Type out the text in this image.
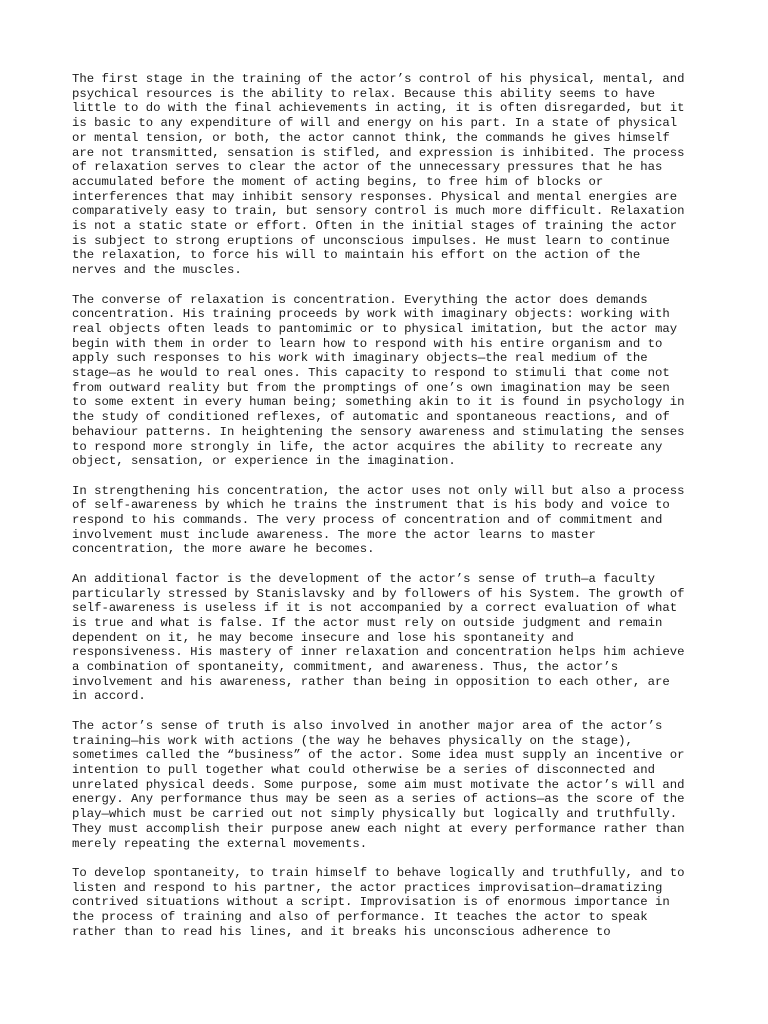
The first stage in the training of the actor’s control of his physical, mental, and
psychical resources is the ability to relax. Because this ability seems to have
little to do with the final achievements in acting, it is often disregarded, but it
is basic to any expenditure of will and energy on his part. In a state of physical
or mental tension, or both, the actor cannot think, the commands he gives himself
are not transmitted, sensation is stifled, and expression is inhibited. The process
of relaxation serves to clear the actor of the unnecessary pressures that he has
accumulated before the moment of acting begins, to free him of blocks or
interferences that may inhibit sensory responses. Physical and mental energies are
comparatively easy to train, but sensory control is much more difficult. Relaxation
is not a static state or effort. Often in the initial stages of training the actor
is subject to strong eruptions of unconscious impulses. He must learn to continue
the relaxation, to force his will to maintain his effort on the action of the
nerves and the muscles.

The converse of relaxation is concentration. Everything the actor does demands
concentration. His training proceeds by work with imaginary objects: working with
real objects often leads to pantomimic or to physical imitation, but the actor may
begin with them in order to learn how to respond with his entire organism and to
apply such responses to his work with imaginary objects—the real medium of the
stage—as he would to real ones. This capacity to respond to stimuli that come not
from outward reality but from the promptings of one’s own imagination may be seen
to some extent in every human being; something akin to it is found in psychology in
the study of conditioned reflexes, of automatic and spontaneous reactions, and of
behaviour patterns. In heightening the sensory awareness and stimulating the senses
to respond more strongly in life, the actor acquires the ability to recreate any
object, sensation, or experience in the imagination.

In strengthening his concentration, the actor uses not only will but also a process
of self-awareness by which he trains the instrument that is his body and voice to
respond to his commands. The very process of concentration and of commitment and
involvement must include awareness. The more the actor learns to master
concentration, the more aware he becomes.

An additional factor is the development of the actor’s sense of truth—a faculty
particularly stressed by Stanislavsky and by followers of his System. The growth of
self-awareness is useless if it is not accompanied by a correct evaluation of what
is true and what is false. If the actor must rely on outside judgment and remain
dependent on it, he may become insecure and lose his spontaneity and
responsiveness. His mastery of inner relaxation and concentration helps him achieve
a combination of spontaneity, commitment, and awareness. Thus, the actor’s
involvement and his awareness, rather than being in opposition to each other, are
in accord.

The actor’s sense of truth is also involved in another major area of the actor’s
training—his work with actions (the way he behaves physically on the stage),
sometimes called the “business” of the actor. Some idea must supply an incentive or
intention to pull together what could otherwise be a series of disconnected and
unrelated physical deeds. Some purpose, some aim must motivate the actor’s will and
energy. Any performance thus may be seen as a series of actions—as the score of the
play—which must be carried out not simply physically but logically and truthfully.
They must accomplish their purpose anew each night at every performance rather than
merely repeating the external movements.

To develop spontaneity, to train himself to behave logically and truthfully, and to
listen and respond to his partner, the actor practices improvisation—dramatizing
contrived situations without a script. Improvisation is of enormous importance in
the process of training and also of performance. It teaches the actor to speak
rather than to read his lines, and it breaks his unconscious adherence to
